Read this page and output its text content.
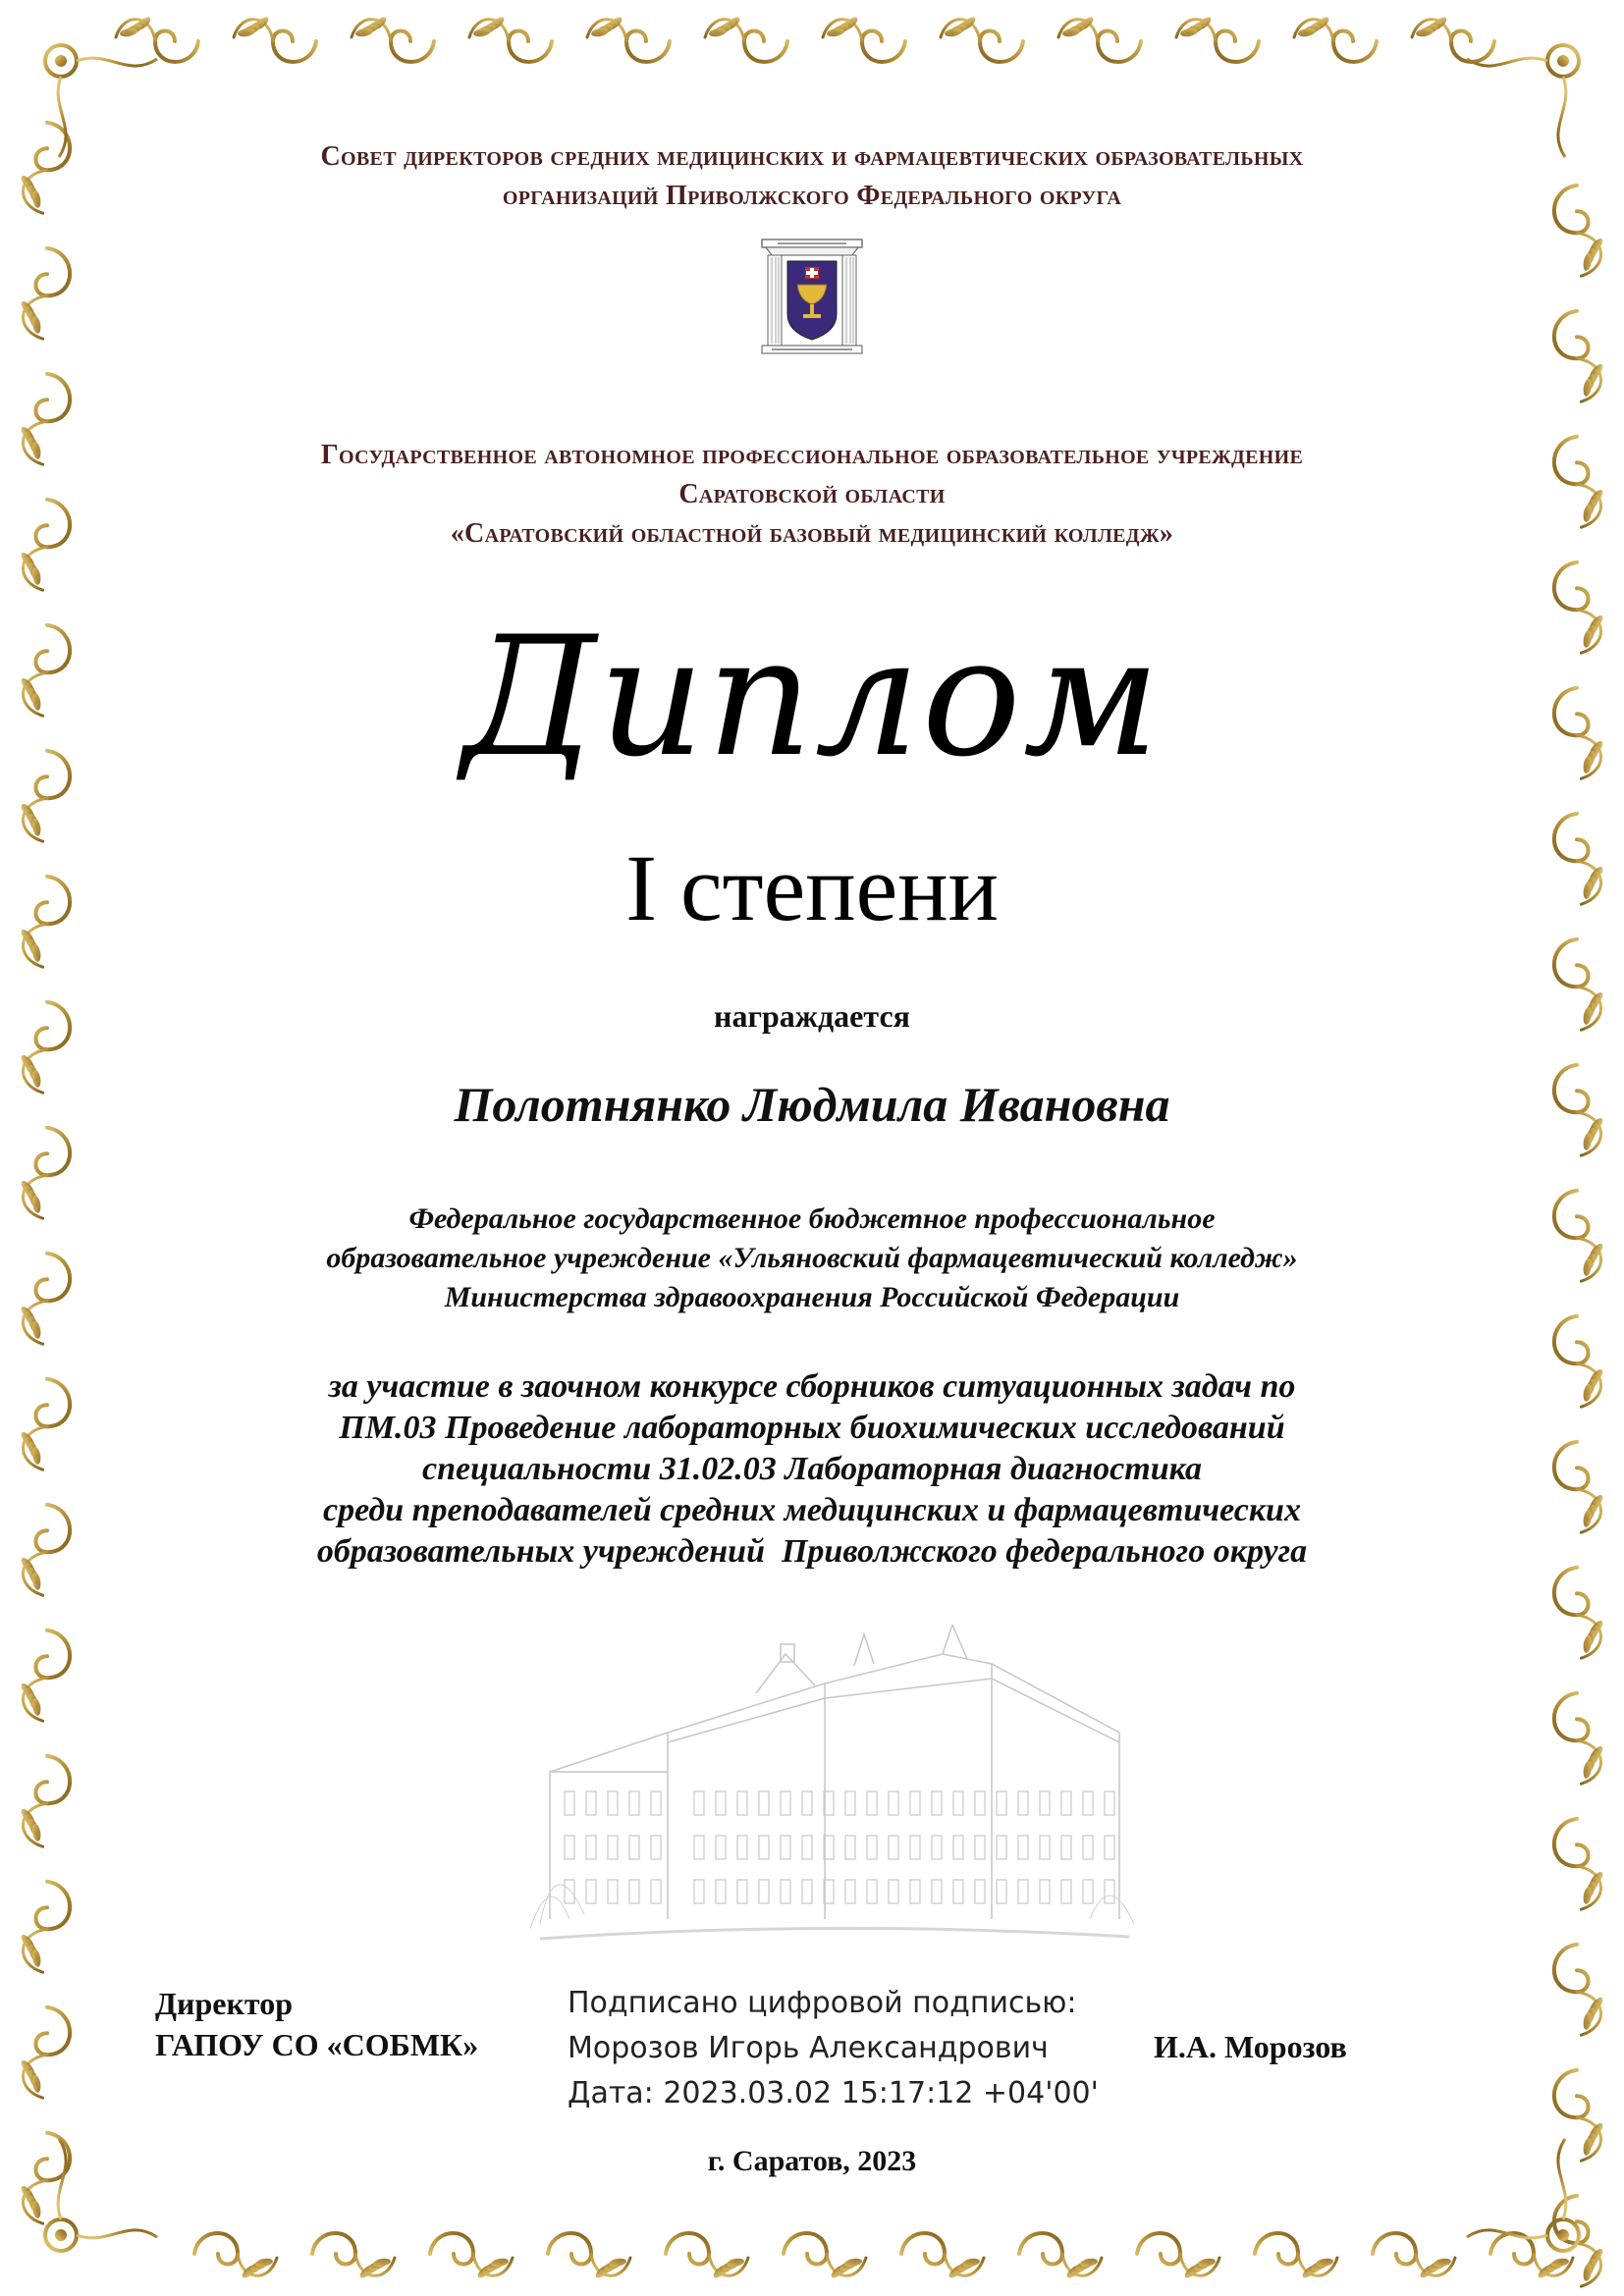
Совет директоров средних медицинских и фармацевтических образовательных
организаций Приволжского Федерального округа
Государственное автономное профессиональное образовательное учреждение
Саратовской области
«Саратовский областной базовый медицинский колледж»
Диплом
I степени
награждается
Полотнянко Людмила Ивановна
Федеральное государственное бюджетное профессиональное
образовательное учреждение «Ульяновский фармацевтический колледж»
Министерства здравоохранения Российской Федерации
за участие в заочном конкурсе сборников ситуационных задач по
ПМ.03 Проведение лабораторных биохимических исследований
специальности 31.02.03 Лабораторная диагностика
среди преподавателей средних медицинских и фармацевтических
образовательных учреждений  Приволжского федерального округа
Директор
ГАПОУ СО «СОБМК»
Подписано цифровой подписью:
Морозов Игорь Александрович
Дата: 2023.03.02 15:17:12 +04'00'
И.А. Морозов
г. Саратов, 2023
